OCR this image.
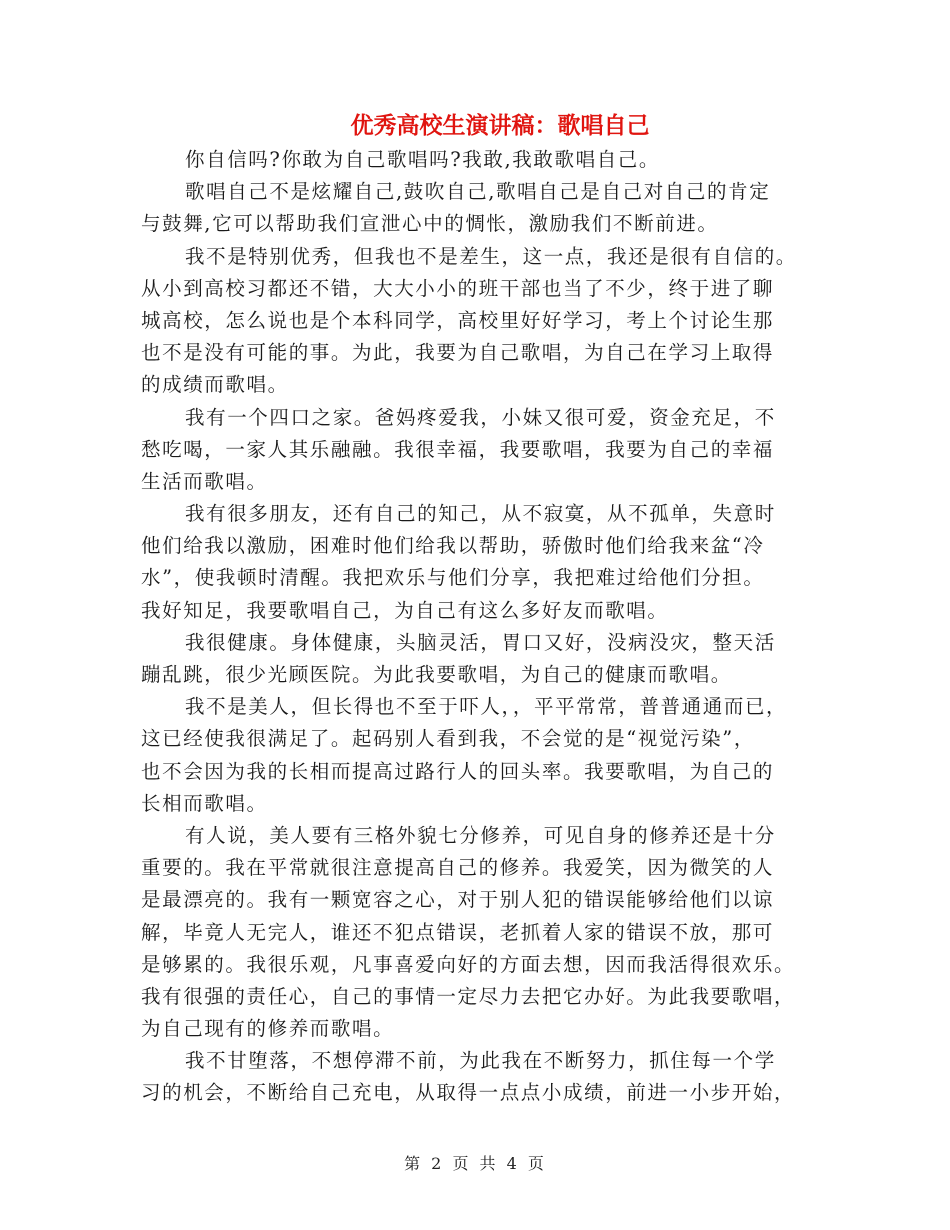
优秀高校生演讲稿：歌唱自己
你自信吗?你敢为自己歌唱吗?我敢,我敢歌唱自己。
歌唱自己不是炫耀自己,鼓吹自己,歌唱自己是自己对自己的肯定
与鼓舞,它可以帮助我们宣泄心中的惆怅，激励我们不断前进。
我不是特别优秀，但我也不是差生，这一点，我还是很有自信的。
从小到高校习都还不错，大大小小的班干部也当了不少，终于进了聊
城高校，怎么说也是个本科同学，高校里好好学习，考上个讨论生那
也不是没有可能的事。为此，我要为自己歌唱，为自己在学习上取得
的成绩而歌唱。
我有一个四口之家。爸妈疼爱我，小妹又很可爱，资金充足，不
愁吃喝，一家人其乐融融。我很幸福，我要歌唱，我要为自己的幸福
生活而歌唱。
我有很多朋友，还有自己的知己，从不寂寞，从不孤单，失意时
他们给我以激励，困难时他们给我以帮助，骄傲时他们给我来盆“冷
水”，使我顿时清醒。我把欢乐与他们分享，我把难过给他们分担。
我好知足，我要歌唱自己，为自己有这么多好友而歌唱。
我很健康。身体健康，头脑灵活，胃口又好，没病没灾，整天活
蹦乱跳，很少光顾医院。为此我要歌唱，为自己的健康而歌唱。
我不是美人，但长得也不至于吓人，，平平常常，普普通通而已，
这已经使我很满足了。起码别人看到我，不会觉的是“视觉污染”，
也不会因为我的长相而提高过路行人的回头率。我要歌唱，为自己的
长相而歌唱。
有人说，美人要有三格外貌七分修养，可见自身的修养还是十分
重要的。我在平常就很注意提高自己的修养。我爱笑，因为微笑的人
是最漂亮的。我有一颗宽容之心，对于别人犯的错误能够给他们以谅
解，毕竟人无完人，谁还不犯点错误，老抓着人家的错误不放，那可
是够累的。我很乐观，凡事喜爱向好的方面去想，因而我活得很欢乐。
我有很强的责任心，自己的事情一定尽力去把它办好。为此我要歌唱，
为自己现有的修养而歌唱。
我不甘堕落，不想停滞不前，为此我在不断努力，抓住每一个学
习的机会，不断给自己充电，从取得一点点小成绩，前进一小步开始，
第 2 页 共 4 页
